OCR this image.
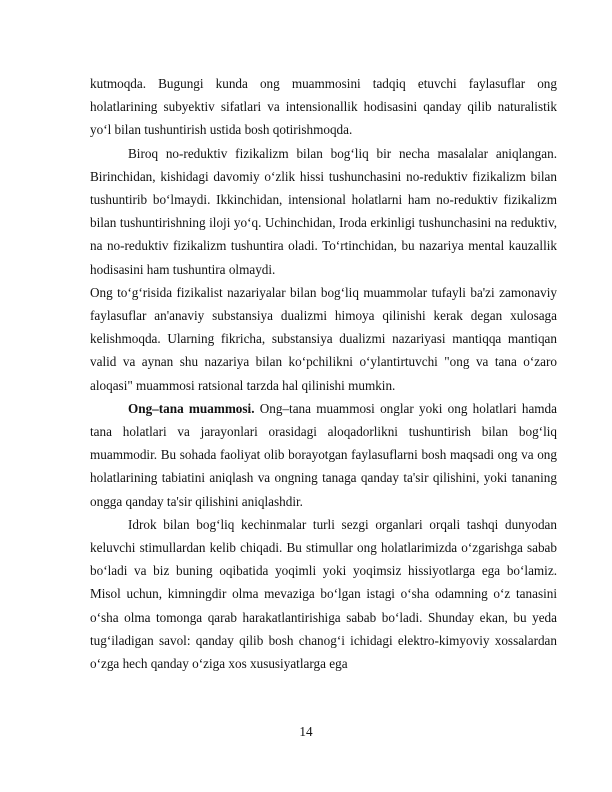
kutmoqda. Bugungi kunda ong muammosini tadqiq etuvchi faylasuflar ong holatlarining subyektiv sifatlari va intensionallik hodisasini qanday qilib naturalistik yo‘l bilan tushuntirish ustida bosh qotirishmoqda.

Biroq no-reduktiv fizikalizm bilan bog‘liq bir necha masalalar aniqlangan. Birinchidan, kishidagi davomiy o‘zlik hissi tushunchasini no-reduktiv fizikalizm bilan tushuntirib bo‘lmaydi. Ikkinchidan, intensional holatlarni ham no-reduktiv fizikalizm bilan tushuntirishning iloji yo‘q. Uchinchidan, Iroda erkinligi tushunchasini na reduktiv, na no-reduktiv fizikalizm tushuntira oladi. To‘rtinchidan, bu nazariya mental kauzallik hodisasini ham tushuntira olmaydi.

Ong to‘g‘risida fizikalist nazariyalar bilan bog‘liq muammolar tufayli ba'zi zamonaviy faylasuflar an'anaviy substansiya dualizmi himoya qilinishi kerak degan xulosaga kelishmoqda. Ularning fikricha, substansiya dualizmi nazariyasi mantiqqa mantiqan valid va aynan shu nazariya bilan ko‘pchilikni o‘ylantirtuvchi "ong va tana o‘zaro aloqasi" muammosi ratsional tarzda hal qilinishi mumkin.

Ong–tana muammosi. Ong–tana muammosi onglar yoki ong holatlari hamda tana holatlari va jarayonlari orasidagi aloqadorlikni tushuntirish bilan bog‘liq muammodir. Bu sohada faoliyat olib borayotgan faylasuflarni bosh maqsadi ong va ong holatlarining tabiatini aniqlash va ongning tanaga qanday ta'sir qilishini, yoki tananing ongga qanday ta'sir qilishini aniqlashdir.

Idrok bilan bog‘liq kechinmalar turli sezgi organlari orqali tashqi dunyodan keluvchi stimullardan kelib chiqadi. Bu stimullar ong holatlarimizda o‘zgarishga sabab bo‘ladi va biz buning oqibatida yoqimli yoki yoqimsiz hissiyotlarga ega bo‘lamiz. Misol uchun, kimningdir olma mevaziga bo‘lgan istagi o‘sha odamning o‘z tanasini o‘sha olma tomonga qarab harakatlantirishiga sabab bo‘ladi. Shunday ekan, bu yeda tug‘iladigan savol: qanday qilib bosh chanog‘i ichidagi elektro-kimyoviy xossalardan o‘zga hech qanday o‘ziga xos xususiyatlarga ega

14
